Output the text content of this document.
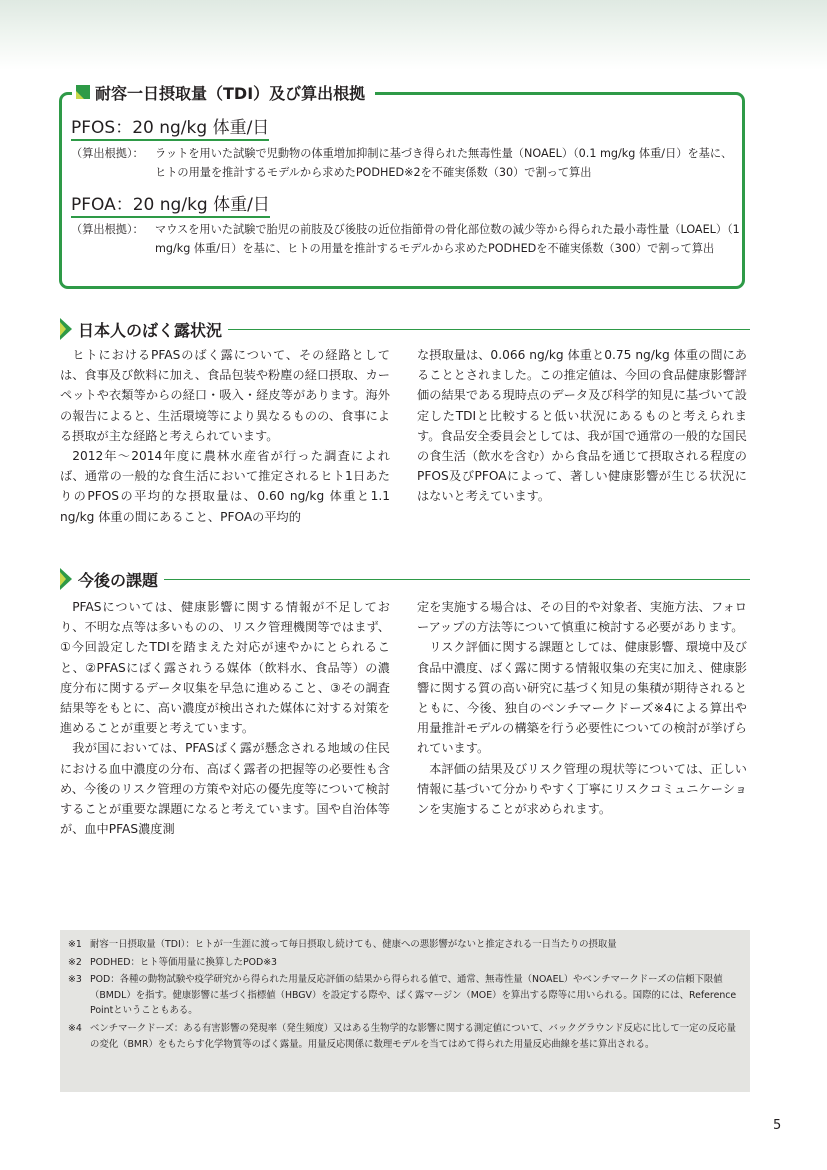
耐容一日摂取量（TDI）及び算出根拠
PFOS：20 ng/kg 体重/日
（算出根拠）：	ラットを用いた試験で児動物の体重増加抑制に基づき得られた無毒性量（NOAEL）（0.1 mg/kg 体重/日）を基に、ヒトの用量を推計するモデルから求めたPODHED※2を不確実係数（30）で割って算出
PFOA：20 ng/kg 体重/日
（算出根拠）：	マウスを用いた試験で胎児の前肢及び後肢の近位指節骨の骨化部位数の減少等から得られた最小毒性量（LOAEL）（1 mg/kg 体重/日）を基に、ヒトの用量を推計するモデルから求めたPODHEDを不確実係数（300）で割って算出
日本人のばく露状況

ヒトにおけるPFASのばく露について、その経路としては、食事及び飲料に加え、食品包装や粉塵の経口摂取、カーペットや衣類等からの経口・吸入・経皮等があります。海外の報告によると、生活環境等により異なるものの、食事による摂取が主な経路と考えられています。

2012年～2014年度に農林水産省が行った調査によれば、通常の一般的な食生活において推定されるヒト1日あたりのPFOSの平均的な摂取量は、0.60 ng/kg 体重と1.1 ng/kg 体重の間にあること、PFOAの平均的

な摂取量は、0.066 ng/kg 体重と0.75 ng/kg 体重の間にあることとされました。この推定値は、今回の食品健康影響評価の結果である現時点のデータ及び科学的知見に基づいて設定したTDIと比較すると低い状況にあるものと考えられます。食品安全委員会としては、我が国で通常の一般的な国民の食生活（飲水を含む）から食品を通じて摂取される程度のPFOS及びPFOAによって、著しい健康影響が生じる状況にはないと考えています。

今後の課題

PFASについては、健康影響に関する情報が不足しており、不明な点等は多いものの、リスク管理機関等ではまず、①今回設定したTDIを踏まえた対応が速やかにとられること、②PFASにばく露されうる媒体（飲料水、食品等）の濃度分布に関するデータ収集を早急に進めること、③その調査結果等をもとに、高い濃度が検出された媒体に対する対策を進めることが重要と考えています。

我が国においては、PFASばく露が懸念される地域の住民における血中濃度の分布、高ばく露者の把握等の必要性も含め、今後のリスク管理の方策や対応の優先度等について検討することが重要な課題になると考えています。国や自治体等が、血中PFAS濃度測

定を実施する場合は、その目的や対象者、実施方法、フォローアップの方法等について慎重に検討する必要があります。

リスク評価に関する課題としては、健康影響、環境中及び食品中濃度、ばく露に関する情報収集の充実に加え、健康影響に関する質の高い研究に基づく知見の集積が期待されるとともに、今後、独自のベンチマークドーズ※4による算出や用量推計モデルの構築を行う必要性についての検討が挙げられています。

本評価の結果及びリスク管理の現状等については、正しい情報に基づいて分かりやすく丁寧にリスクコミュニケーションを実施することが求められます。

※1 耐容一日摂取量（TDI）：ヒトが一生涯に渡って毎日摂取し続けても、健康への悪影響がないと推定される一日当たりの摂取量
※2 PODHED：ヒト等価用量に換算したPOD※3
※3 POD：各種の動物試験や疫学研究から得られた用量反応評価の結果から得られる値で、通常、無毒性量（NOAEL）やベンチマークドーズの信頼下限値（BMDL）を指す。健康影響に基づく指標値（HBGV）を設定する際や、ばく露マージン（MOE）を算出する際等に用いられる。国際的には、Reference Pointということもある。
※4 ベンチマークドーズ：ある有害影響の発現率（発生頻度）又はある生物学的な影響に関する測定値について、バックグラウンド反応に比して一定の反応量の変化（BMR）をもたらす化学物質等のばく露量。用量反応関係に数理モデルを当てはめて得られた用量反応曲線を基に算出される。
5
